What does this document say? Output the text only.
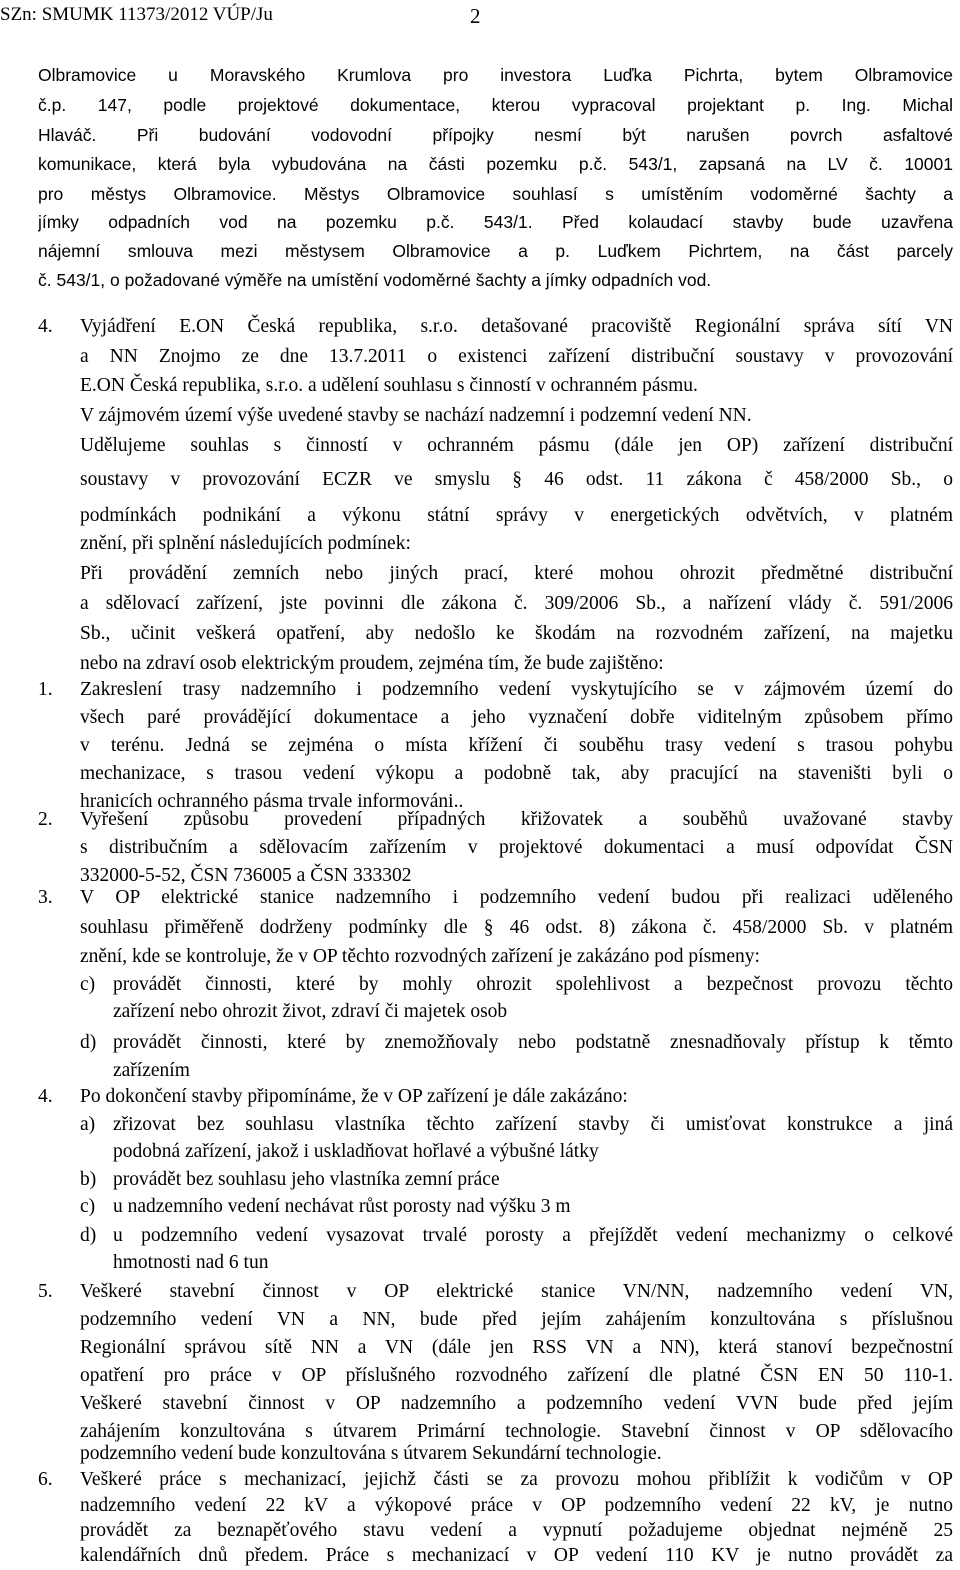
SZn: SMUMK 11373/2012 VÚP/Ju	2
Olbramovice u Moravského Krumlova pro investora Luďka Pichrta, bytem Olbramovice
č.p. 147, podle projektové dokumentace, kterou vypracoval projektant p. Ing. Michal
Hlaváč. Při budování vodovodní přípojky nesmí být narušen povrch asfaltové
komunikace, která byla vybudována na části pozemku p.č. 543/1, zapsaná na LV č. 10001
pro městys Olbramovice. Městys Olbramovice souhlasí s umístěním vodoměrné šachty a
jímky odpadních vod na pozemku p.č. 543/1. Před kolaudací stavby bude uzavřena
nájemní smlouva mezi městysem Olbramovice a p. Luďkem Pichrtem, na část parcely
č. 543/1, o požadované výměře na umístění vodoměrné šachty a jímky odpadních vod.
4. Vyjádření E.ON Česká republika, s.r.o. detašované pracoviště Regionální správa sítí VN
a NN Znojmo ze dne 13.7.2011 o existenci zařízení distribuční soustavy v provozování
E.ON Česká republika, s.r.o. a udělení souhlasu s činností v ochranném pásmu.
V zájmovém území výše uvedené stavby se nachází nadzemní i podzemní vedení NN.
Udělujeme souhlas s činností v ochranném pásmu (dále jen OP) zařízení distribuční
soustavy v provozování ECZR ve smyslu § 46 odst. 11 zákona č 458/2000 Sb., o
podmínkách podnikání a výkonu státní správy v energetických odvětvích, v platném
znění, při splnění následujících podmínek:
Při provádění zemních nebo jiných prací, které mohou ohrozit předmětné distribuční
a sdělovací zařízení, jste povinni dle zákona č. 309/2006 Sb., a nařízení vlády č. 591/2006
Sb., učinit veškerá opatření, aby nedošlo ke škodám na rozvodném zařízení, na majetku
nebo na zdraví osob elektrickým proudem, zejména tím, že bude zajištěno:
1. Zakreslení trasy nadzemního i podzemního vedení vyskytujícího se v zájmovém území do
všech paré provádějící dokumentace a jeho vyznačení dobře viditelným způsobem přímo
v terénu. Jedná se zejména o místa křížení či souběhu trasy vedení s trasou pohybu
mechanizace, s trasou vedení výkopu a podobně tak, aby pracující na staveništi byli o
hranicích ochranného pásma trvale informováni..
2. Vyřešení způsobu provedení případných křižovatek a souběhů uvažované stavby
s distribučním a sdělovacím zařízením v projektové dokumentaci a musí odpovídat ČSN
332000-5-52, ČSN 736005 a ČSN 333302
3. V OP elektrické stanice nadzemního i podzemního vedení budou při realizaci uděleného
souhlasu přiměřeně dodrženy podmínky dle § 46 odst. 8) zákona č. 458/2000 Sb. v platném
znění, kde se kontroluje, že v OP těchto rozvodných zařízení je zakázáno pod písmeny:
c) provádět činnosti, které by mohly ohrozit spolehlivost a bezpečnost provozu těchto
zařízení nebo ohrozit život, zdraví či majetek osob
d) provádět činnosti, které by znemožňovaly nebo podstatně znesnadňovaly přístup k těmto
zařízením
4. Po dokončení stavby připomínáme, že v OP zařízení je dále zakázáno:
a) zřizovat bez souhlasu vlastníka těchto zařízení stavby či umisťovat konstrukce a jiná
podobná zařízení, jakož i uskladňovat hořlavé a výbušné látky
b) provádět bez souhlasu jeho vlastníka zemní práce
c) u nadzemního vedení nechávat růst porosty nad výšku 3 m
d) u podzemního vedení vysazovat trvalé porosty a přejíždět vedení mechanizmy o celkové
hmotnosti nad 6 tun
5. Veškeré stavební činnost v OP elektrické stanice VN/NN, nadzemního vedení VN,
podzemního vedení VN a NN, bude před jejím zahájením konzultována s příslušnou
Regionální správou sítě NN a VN (dále jen RSS VN a NN), která stanoví bezpečnostní
opatření pro práce v OP příslušného rozvodného zařízení dle platné ČSN EN 50 110-1.
Veškeré stavební činnost v OP nadzemního a podzemního vedení VVN bude před jejím
zahájením konzultována s útvarem Primární technologie. Stavební činnost v OP sdělovacího
podzemního vedení bude konzultována s útvarem Sekundární technologie.
6. Veškeré práce s mechanizací, jejichž části se za provozu mohou přiblížit k vodičům v OP
nadzemního vedení 22 kV a výkopové práce v OP podzemního vedení 22 kV, je nutno
provádět za beznapěťového stavu vedení a vypnutí požadujeme objednat nejméně 25
kalendářních dnů předem. Práce s mechanizací v OP vedení 110 KV je nutno provádět za
